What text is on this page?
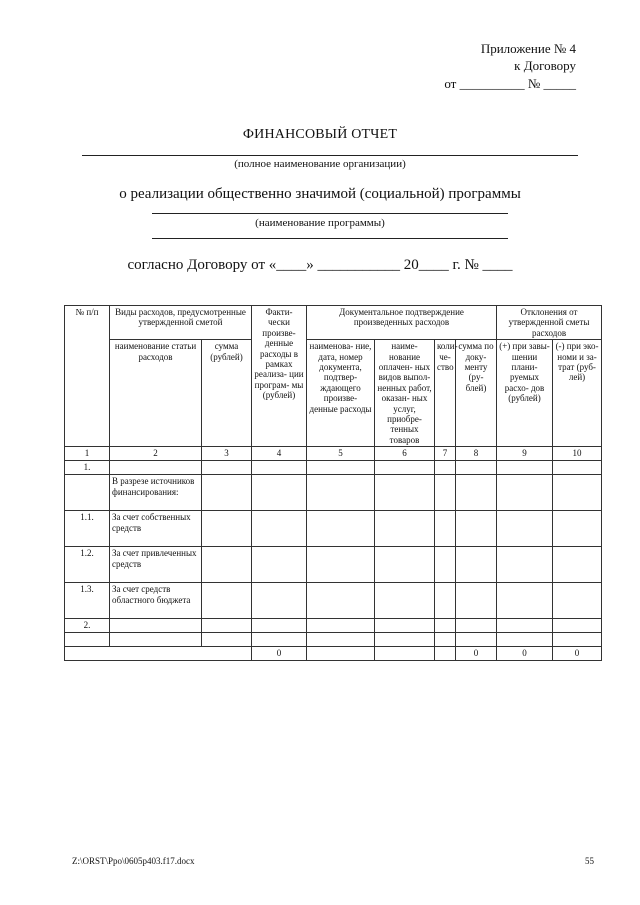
Приложение № 4
к Договору
от __________ № _____
ФИНАНСОВЫЙ ОТЧЕТ
(полное наименование организации)
о реализации общественно значимой (социальной) программы
(наименование программы)
согласно Договору от «____» ___________ 20____ г. № ____
№ п/п	Виды расходов, предусмотренные утвержденной сметой		Факти- чески произве- денные расходы в рамках реализа- ции програм- мы (рублей)	Документальное подтверждение произведенных расходов				Отклонения от утвержденной сметы расходов	
	наименование статьи расходов	сумма (рублей)		наименова- ние, дата, номер документа, подтвер- ждающего произве- денные расходы	наиме- нование оплачен- ных видов выпол- ненных работ, оказан- ных услуг, приобре- тенных товаров	коли- че- ство	сумма по доку- менту (ру- блей)	(+) при завы- шении плани- руемых расхо- дов (рублей)	(-) при эко- номи и за- трат (руб- лей)
1	2	3	4	5	6	7	8	9	10
1.									
	В разрезе источников финансирования:								
1.1.	За счет собственных средств								
1.2.	За счет привлеченных средств								
1.3.	За счет средств областного бюджета								
2.									

			0				0	0	0
Z:\ORST\Ppo\0605p403.f17.docx	55
